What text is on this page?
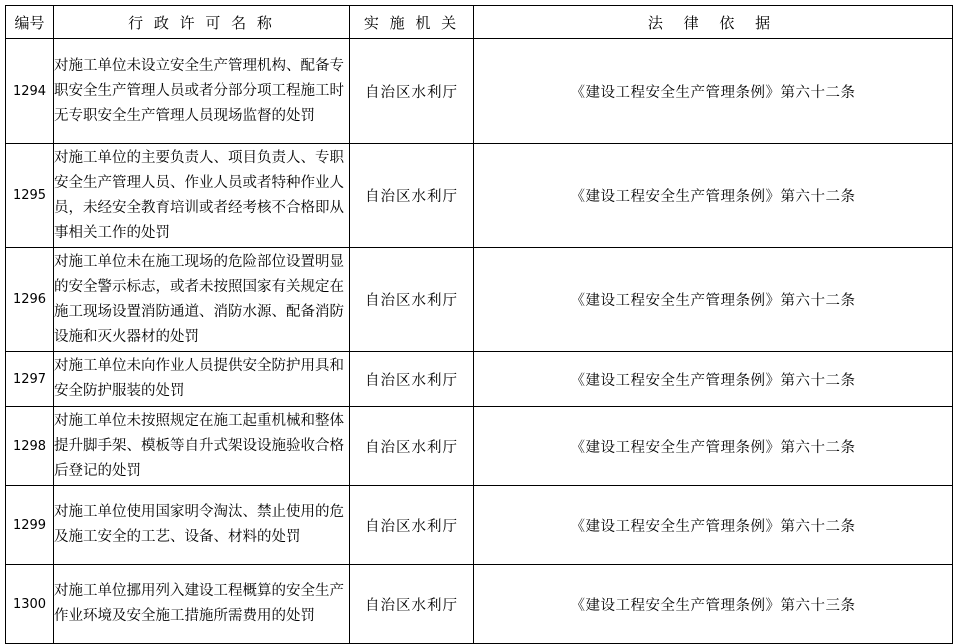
编号	行 政 许 可 名 称	实 施 机 关	法 律 依 据
1294	对施工单位未设立安全生产管理机构、配备专职安全生产管理人员或者分部分项工程施工时无专职安全生产管理人员现场监督的处罚	自治区水利厅	《建设工程安全生产管理条例》第六十二条
1295	对施工单位的主要负责人、项目负责人、专职安全生产管理人员、作业人员或者特种作业人员，未经安全教育培训或者经考核不合格即从事相关工作的处罚	自治区水利厅	《建设工程安全生产管理条例》第六十二条
1296	对施工单位未在施工现场的危险部位设置明显的安全警示标志，或者未按照国家有关规定在施工现场设置消防通道、消防水源、配备消防设施和灭火器材的处罚	自治区水利厅	《建设工程安全生产管理条例》第六十二条
1297	对施工单位未向作业人员提供安全防护用具和安全防护服装的处罚	自治区水利厅	《建设工程安全生产管理条例》第六十二条
1298	对施工单位未按照规定在施工起重机械和整体提升脚手架、模板等自升式架设设施验收合格后登记的处罚	自治区水利厅	《建设工程安全生产管理条例》第六十二条
1299	对施工单位使用国家明令淘汰、禁止使用的危及施工安全的工艺、设备、材料的处罚	自治区水利厅	《建设工程安全生产管理条例》第六十二条
1300	对施工单位挪用列入建设工程概算的安全生产作业环境及安全施工措施所需费用的处罚	自治区水利厅	《建设工程安全生产管理条例》第六十三条
